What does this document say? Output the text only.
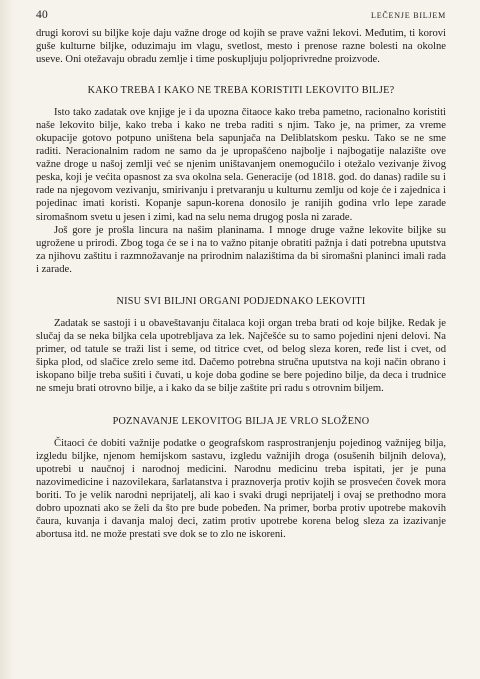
40	LEČENJE BILJEM

drugi korovi su biljke koje daju važne droge od kojih se prave važni lekovi. Međutim, ti korovi guše kulturne biljke, oduzimaju im vlagu, svetlost, mesto i prenose razne bolesti na okolne useve. Oni otežavaju obradu zemlje i time poskupljuju poljoprivredne proizvode.

KAKO TREBA I KAKO NE TREBA KORISTITI LEKOVITO BILJE?

Isto tako zadatak ove knjige je i da upozna čitaoce kako treba pametno, racionalno koristiti naše lekovito bilje, kako treba i kako ne treba raditi s njim. Tako je, na primer, za vreme okupacije gotovo potpuno uništena bela sapunjača na Deliblatskom pesku. Tako se ne sme raditi. Neracionalnim radom ne samo da je upropašćeno najbolje i najbogatije nalazište ove važne droge u našoj zemlji već se njenim uništavanjem onemogućilo i otežalo vezivanje živog peska, koji je većita opasnost za sva okolna sela. Generacije (od 1818. god. do danas) radile su i rade na njegovom vezivanju, smirivanju i pretvaranju u kulturnu zemlju od koje će i zajednica i pojedinac imati koristi. Kopanje sapun-korena donosilo je ranijih godina vrlo lepe zarade siromašnom svetu u jesen i zimi, kad na selu nema drugog posla ni zarade.

Još gore je prošla lincura na našim planinama. I mnoge druge važne lekovite biljke su ugrožene u prirodi. Zbog toga će se i na to važno pitanje obratiti pažnja i dati potrebna uputstva za njihovu zaštitu i razmnožavanje na prirodnim nalazištima da bi siromašni planinci imali rada i zarade.

NISU SVI BILJNI ORGANI PODJEDNAKO LEKOVITI

Zadatak se sastoji i u obaveštavanju čitalaca koji organ treba brati od koje biljke. Redak je slučaj da se neka biljka cela upotrebljava za lek. Najčešće su to samo pojedini njeni delovi. Na primer, od tatule se traži list i seme, od titrice cvet, od belog sleza koren, ređe list i cvet, od šipka plod, od slačice zrelo seme itd. Dačemo potrebna stručna uputstva na koji način obrano i iskopano bilje treba sušiti i čuvati, u koje doba godine se bere pojedino bilje, da deca i trudnice ne smeju brati otrovno bilje, a i kako da se bilje zaštite pri radu s otrovnim biljem.

POZNAVANJE LEKOVITOG BILJA JE VRLO SLOŽENO

Čitaoci će dobiti važnije podatke o geografskom rasprostranjenju pojedinog važnijeg bilja, izgledu biljke, njenom hemijskom sastavu, izgledu važnijih droga (osušenih biljnih delova), upotrebi u naučnoj i narodnoj medicini. Narodnu medicinu treba ispitati, jer je puna nazovimedicine i nazovilekara, šarlatanstva i praznoverja protiv kojih se prosvećen čovek mora boriti. To je velik narodni neprijatelj, ali kao i svaki drugi neprijatelj i ovaj se prethodno mora dobro upoznati ako se želi da što pre bude pobeđen. Na primer, borba protiv upotrebe makovih čaura, kuvanja i davanja maloj deci, zatim protiv upotrebe korena belog sleza za izazivanje abortusa itd. ne može prestati sve dok se to zlo ne iskoreni.
